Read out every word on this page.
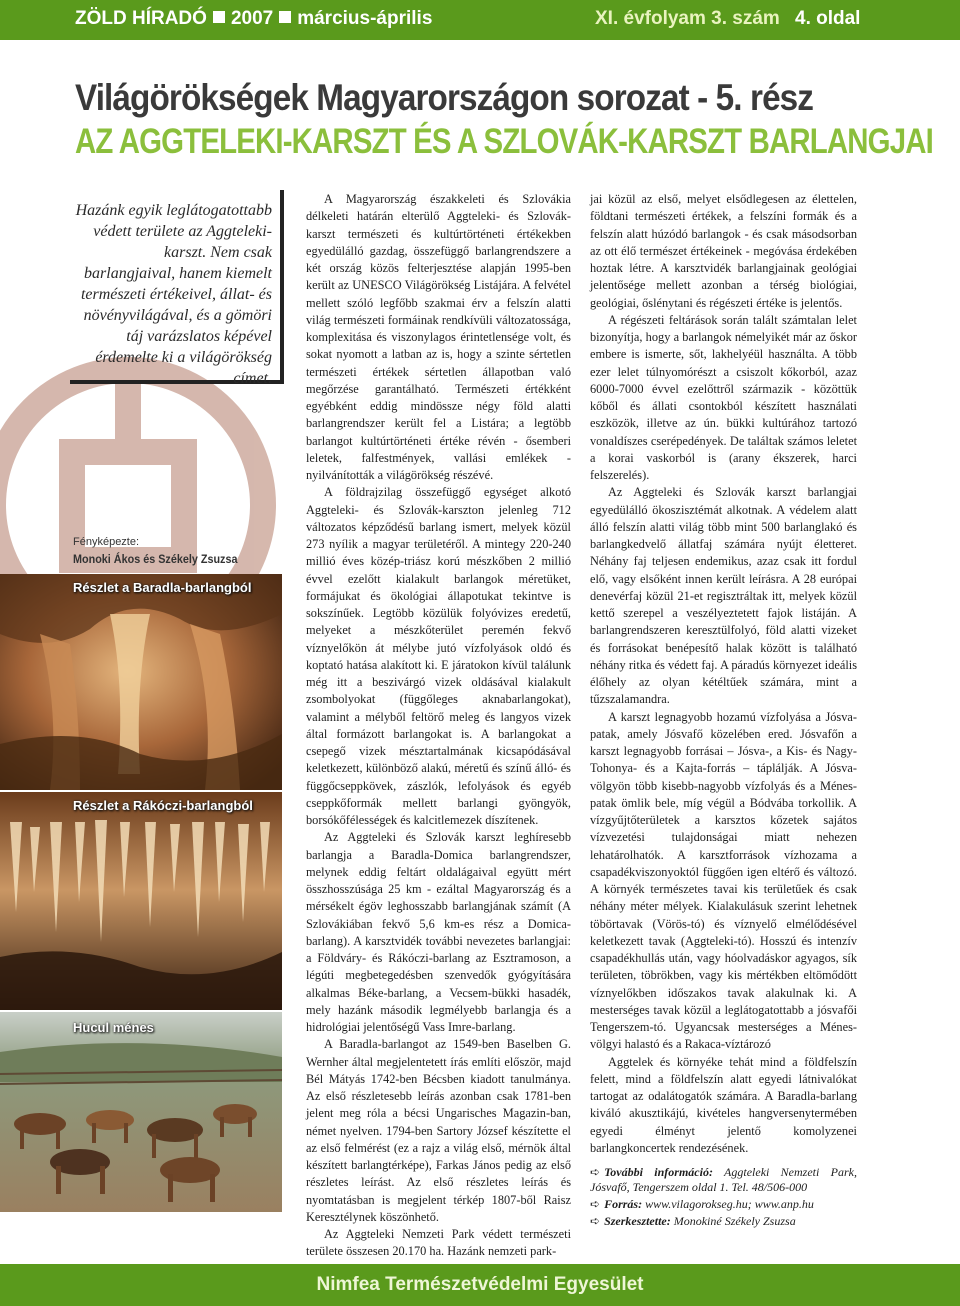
ZÖLD HÍRADÓ 2007 március-április	XI. évfolyam 3. szám 4. oldal
Világörökségek Magyarországon sorozat - 5. rész
AZ AGGTELEKI-KARSZT ÉS A SZLOVÁK-KARSZT BARLANGJAI

Hazánk egyik leglátogatottabb védett területe az Aggteleki-karszt. Nem csak barlangjaival, hanem kiemelt természeti értékeivel, állat- és növényvilágával, és a gömöri táj varázslatos képével érdemelte ki a világörökség címet.

Fényképezte:
Monoki Ákos és Székely Zsuzsa
Részlet a Baradla-barlangból
Részlet a Rákóczi-barlangból
Hucul ménes

A Magyarország északkeleti és Szlovákia délkeleti határán elterülő Aggteleki- és Szlovák-karszt természeti és kultúrtörténeti értékekben egyedülálló gazdag, összefüggő barlangrendszere a két ország közös felterjesztése alapján 1995-ben került az UNESCO Világörökség Listájára. A felvétel mellett szóló legfőbb szakmai érv a felszín alatti világ természeti formáinak rendkívüli változatossága, komplexitása és viszonylagos érintetlensége volt, és sokat nyomott a latban az is, hogy a szinte sértetlen természeti értékek sértetlen állapotban való megőrzése garantálható. Természeti értékként egyébként eddig mindössze négy föld alatti barlangrendszer került fel a Listára; a legtöbb barlangot kultúrtörténeti értéke révén - ősemberi leletek, falfestmények, vallási emlékek - nyilvánították a világörökség részévé.

A földrajzilag összefüggő egységet alkotó Aggteleki- és Szlovák-karszton jelenleg 712 változatos képződésű barlang ismert, melyek közül 273 nyílik a magyar területéről. A mintegy 220-240 millió éves közép-triász korú mészkőben 2 millió évvel ezelőtt kialakult barlangok méretüket, formájukat és ökológiai állapotukat tekintve is sokszínűek. Legtöbb közülük folyóvizes eredetű, melyeket a mészkőterület peremén fekvő víznyelőkön át mélybe jutó vízfolyások oldó és koptató hatása alakított ki. E járatokon kívül találunk még itt a beszivárgó vizek oldásával kialakult zsombolyokat (függőleges aknabarlangokat), valamint a mélyből feltörő meleg és langyos vizek által formázott barlangokat is. A barlangokat a csepegő vizek mésztartalmának kicsapódásával keletkezett, különböző alakú, méretű és színű álló- és függőcseppkövek, zászlók, lefolyások és egyéb cseppkőformák mellett barlangi gyöngyök, borsókőfélességek és kalcitlemezek díszítenek.

Az Aggteleki és Szlovák karszt leghíresebb barlangja a Baradla-Domica barlangrendszer, melynek eddig feltárt oldalágaival együtt mért összhosszúsága 25 km - ezáltal Magyarország és a mérsékelt égöv leghosszabb barlangjának számít (A Szlovákiában fekvő 5,6 km-es rész a Domica-barlang). A karsztvidék további nevezetes barlangjai: a Földváry- és Rákóczi-barlang az Esztramoson, a légúti megbetegedésben szenvedők gyógyítására alkalmas Béke-barlang, a Vecsem-bükki hasadék, mely hazánk második legmélyebb barlangja és a hidrológiai jelentőségű Vass Imre-barlang.

A Baradla-barlangot az 1549-ben Baselben G. Wernher által megjelentetett írás említi először, majd Bél Mátyás 1742-ben Bécsben kiadott tanulmánya. Az első részletesebb leírás azonban csak 1781-ben jelent meg róla a bécsi Ungarisches Magazin-ban, német nyelven. 1794-ben Sartory József készítette el az első felmérést (ez a rajz a világ első, mérnök által készített barlangtérképe), Farkas János pedig az első részletes leírást. Az első részletes leírás és nyomtatásban is megjelent térkép 1807-ből Raisz Keresztélynek köszönhető.

Az Aggteleki Nemzeti Park védett természeti területe összesen 20.170 ha. Hazánk nemzeti park-

jai közül az első, melyet elsődlegesen az élettelen, földtani természeti értékek, a felszíni formák és a felszín alatt húzódó barlangok - és csak másodsorban az ott élő természet értékeinek - megóvása érdekében hoztak létre. A karsztvidék barlangjainak geológiai jelentősége mellett azonban a térség biológiai, geológiai, őslénytani és régészeti értéke is jelentős.

A régészeti feltárások során talált számtalan lelet bizonyítja, hogy a barlangok némelyikét már az őskor embere is ismerte, sőt, lakhelyéül használta. A több ezer lelet túlnyomórészt a csiszolt kőkorból, azaz 6000-7000 évvel ezelőttről származik - közöttük kőből és állati csontokból készített használati eszközök, illetve az ún. bükki kultúrához tartozó vonaldíszes cserépedények. De találtak számos leletet a korai vaskorból is (arany ékszerek, harci felszerelés).

Az Aggteleki és Szlovák karszt barlangjai egyedülálló ökoszisztémát alkotnak. A védelem alatt álló felszín alatti világ több mint 500 barlanglakó és barlangkedvelő állatfaj számára nyújt életteret. Néhány faj teljesen endemikus, azaz csak itt fordul elő, vagy elsőként innen került leírásra. A 28 európai denevérfaj közül 21-et regisztráltak itt, melyek közül kettő szerepel a veszélyeztetett fajok listáján. A barlangrendszeren keresztülfolyó, föld alatti vizeket és forrásokat benépesítő halak között is található néhány ritka és védett faj. A páradús környezet ideális élőhely az olyan kétéltűek számára, mint a tűzszalamandra.

A karszt legnagyobb hozamú vízfolyása a Jósva-patak, amely Jósvafő közelében ered. Jósvafőn a karszt legnagyobb forrásai – Jósva-, a Kis- és Nagy-Tohonya- és a Kajta-forrás – táplálják. A Jósva-völgyön több kisebb-nagyobb vízfolyás és a Ménes-patak ömlik bele, míg végül a Bódvába torkollik. A vízgyűjtőterületek a karsztos kőzetek sajátos vízvezetési tulajdonságai miatt nehezen lehatárolhatók. A karsztforrások vízhozama a csapadékviszonyoktól függően igen eltérő és változó. A környék természetes tavai kis területűek és csak néhány méter mélyek. Kialakulásuk szerint lehetnek töbörtavak (Vörös-tó) és víznyelő elmélődésével keletkezett tavak (Aggteleki-tó). Hosszú és intenzív csapadékhullás után, vagy hóolvadáskor agyagos, sík területen, töbrökben, vagy kis mértékben eltömődött víznyelőkben időszakos tavak alakulnak ki. A mesterséges tavak közül a leglátogatottabb a jósvafői Tengerszem-tó. Ugyancsak mesterséges a Ménes-völgyi halastó és a Rakaca-víztározó

Aggtelek és környéke tehát mind a földfelszín felett, mind a földfelszín alatt egyedi látnivalókat tartogat az odalátogatók számára. A Baradla-barlang kiváló akusztikájú, kivételes hangversenytermében egyedi élményt jelentő komolyzenei barlangkoncertek rendezésének.

➪ További információ: Aggteleki Nemzeti Park, Jósvafő, Tengerszem oldal 1. Tel. 48/506-000

➪ Forrás: www.vilagorokseg.hu; www.anp.hu

➪ Szerkesztette: Monokiné Székely Zsuzsa

Nimfea Természetvédelmi Egyesület
